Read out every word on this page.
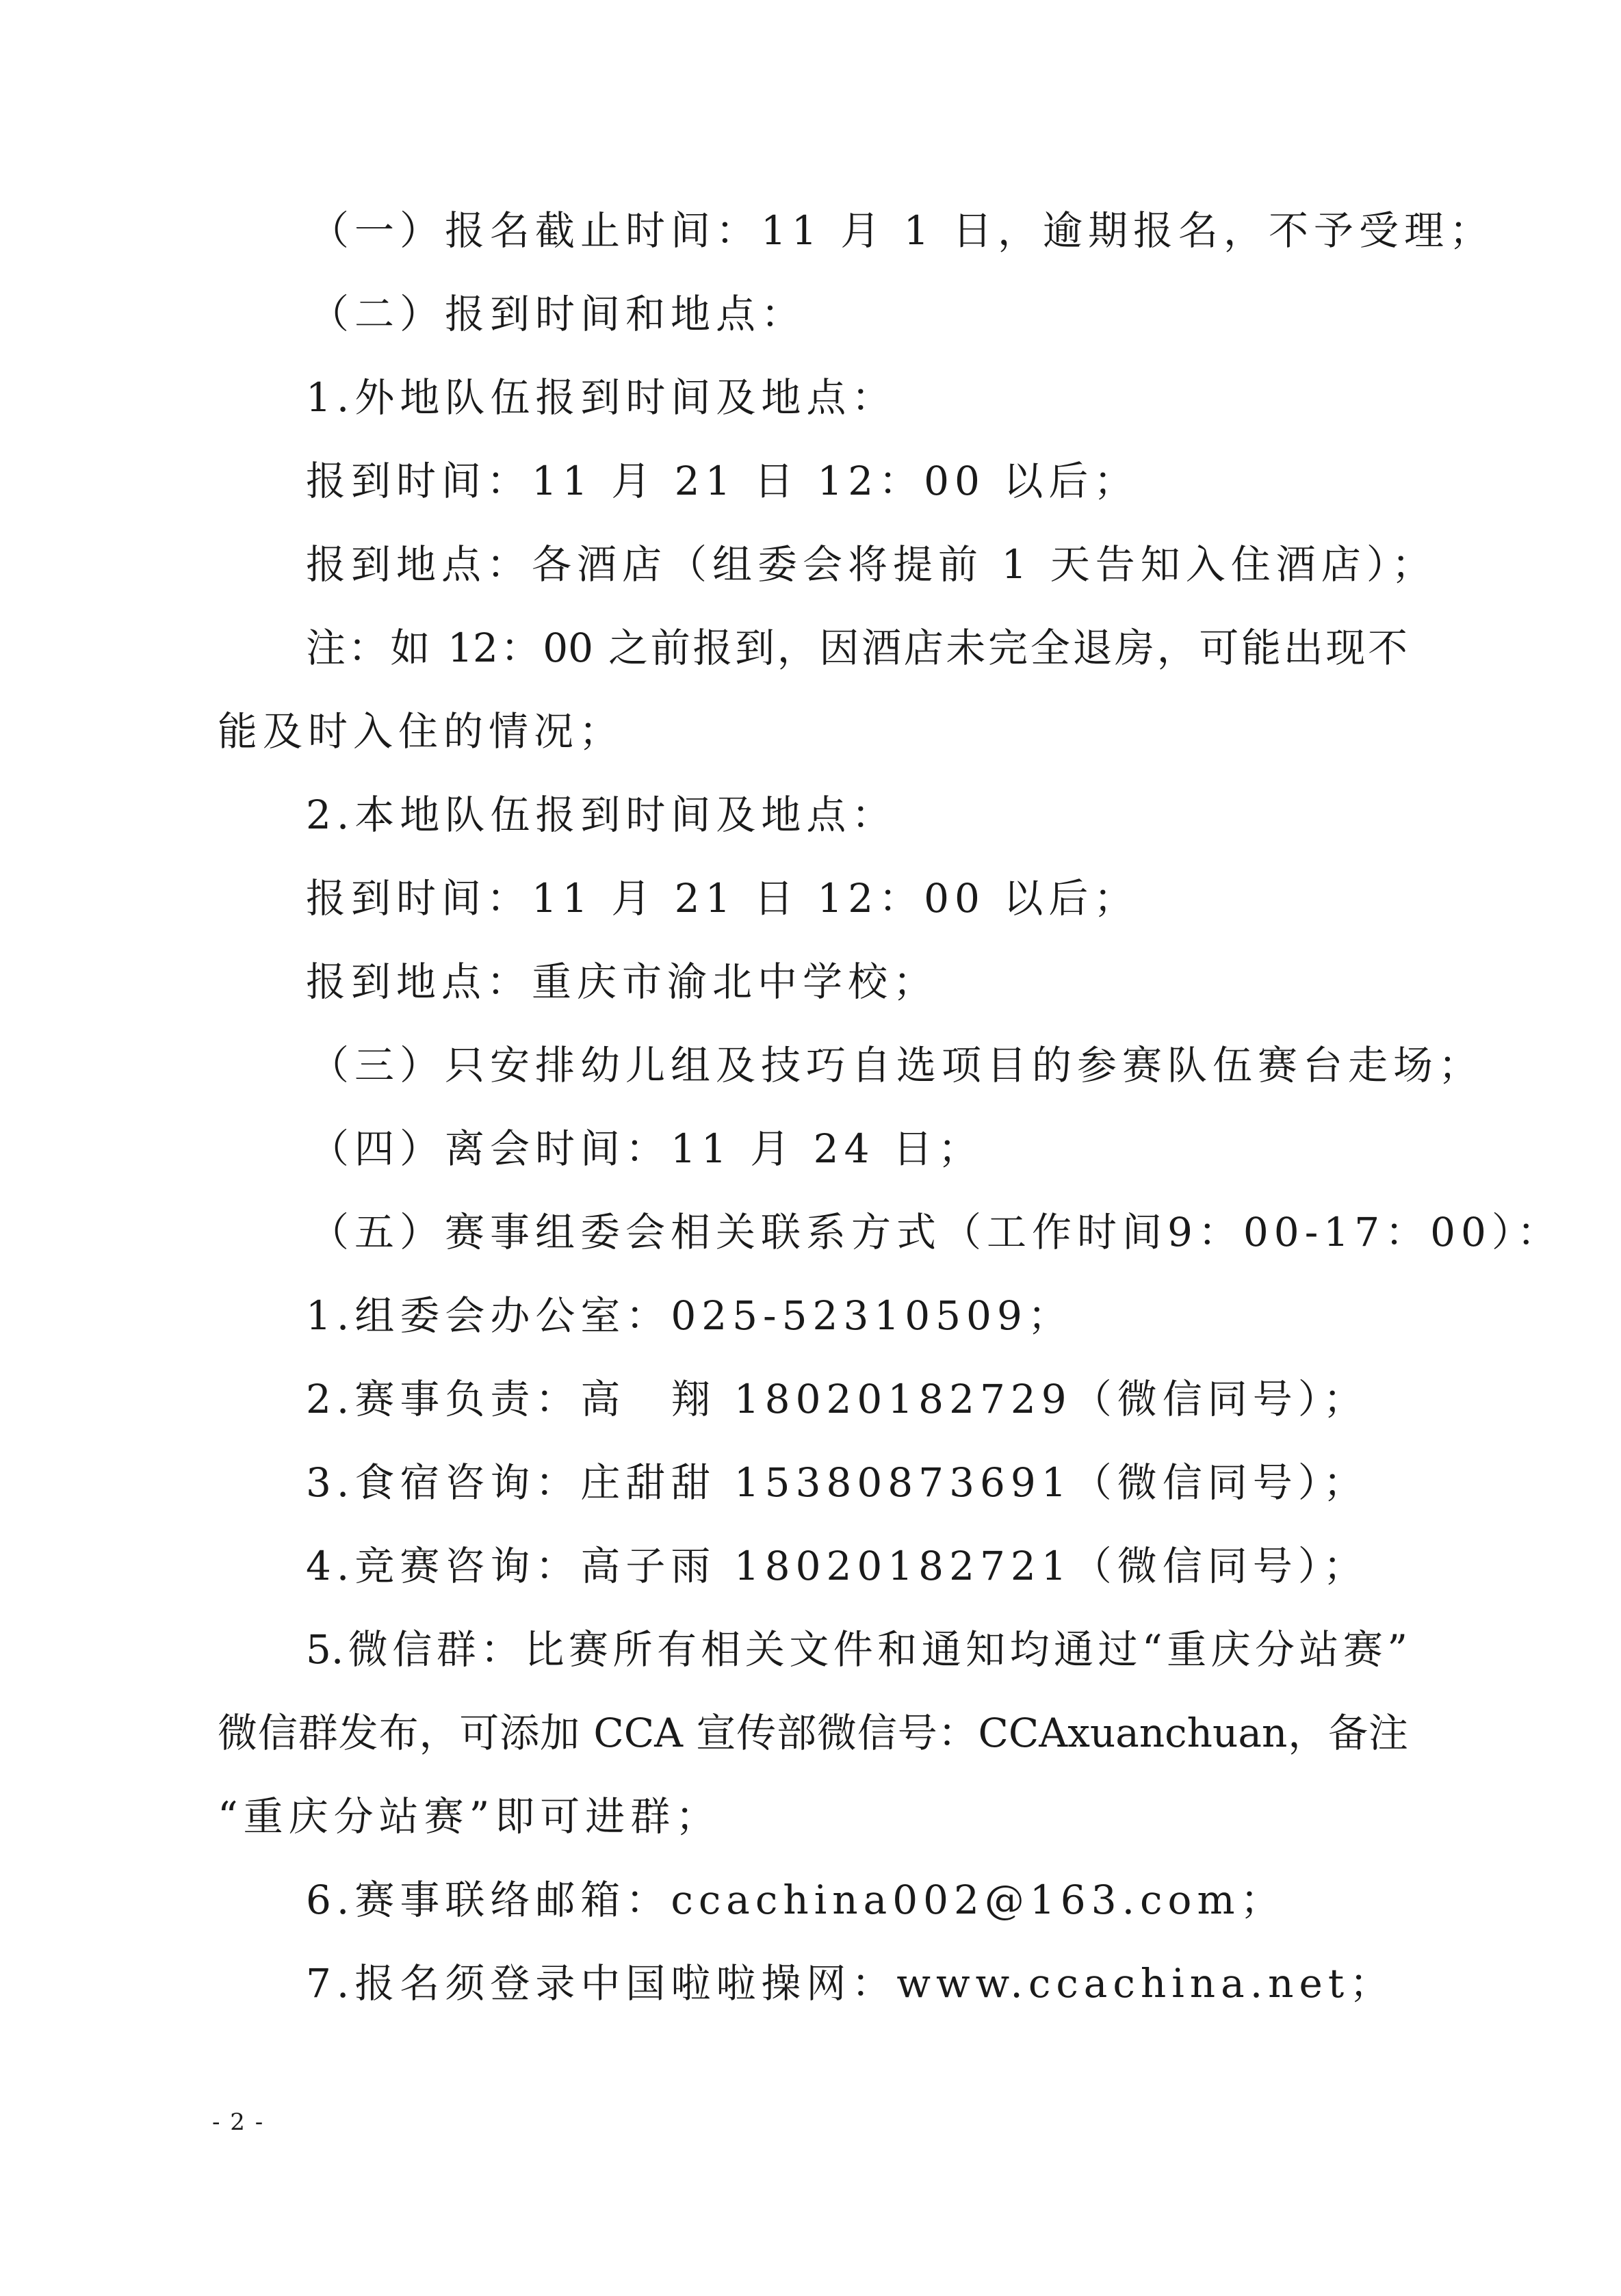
（一）报名截止时间：11 月 1 日，逾期报名，不予受理；
（二）报到时间和地点：
1.外地队伍报到时间及地点：
报到时间：11 月 21 日 12：00 以后；
报到地点：各酒店（组委会将提前 1 天告知入住酒店）；
注：如 12：00 之前报到，因酒店未完全退房，可能出现不
能及时入住的情况；
2.本地队伍报到时间及地点：
报到时间：11 月 21 日 12：00 以后；
报到地点：重庆市渝北中学校；
（三）只安排幼儿组及技巧自选项目的参赛队伍赛台走场；
（四）离会时间：11 月 24 日；
（五）赛事组委会相关联系方式（工作时间9：00-17：00）：
1.组委会办公室：025-52310509；
2.赛事负责：高　翔 18020182729（微信同号）；
3.食宿咨询：庄甜甜 15380873691（微信同号）；
4.竞赛咨询：高子雨 18020182721（微信同号）；
5.微信群：比赛所有相关文件和通知均通过“重庆分站赛”
微信群发布，可添加 CCA 宣传部微信号：CCAxuanchuan，备注
“重庆分站赛”即可进群；
6.赛事联络邮箱：ccachina002@163.com；
7.报名须登录中国啦啦操网：www.ccachina.net；
- 2 -
